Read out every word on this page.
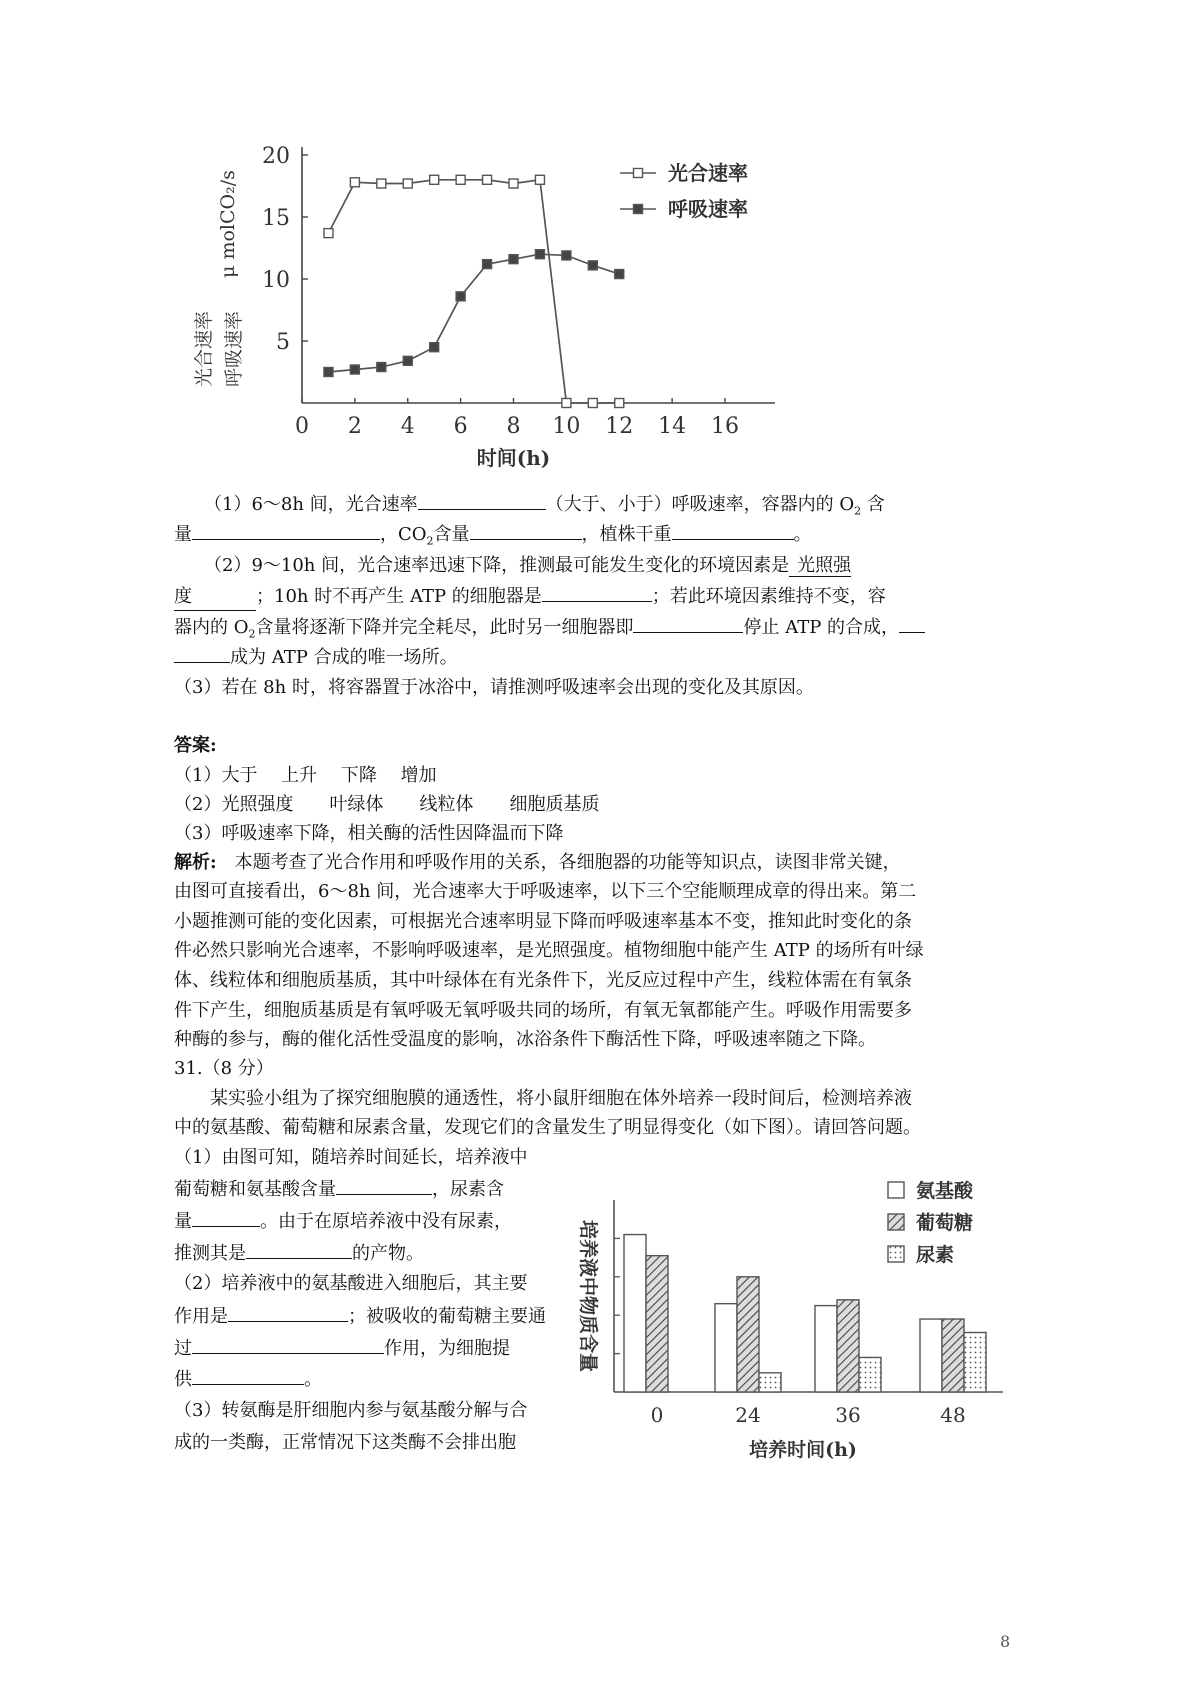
0 2 4 6 8 10 12 14 16
5
10
15
20
时间(h)
光合速率 呼吸速率
μ molCO₂/s	光合速率
呼吸速率
（1）6～8h 间，光合速率	（大于、小于）呼吸速率，容器内的 $O_2$ 含
量	，$CO_2$含量	，植株干重	。
（2）9～10h 间，光合速率迅速下降，推测最可能发生变化的环境因素是 光照强
度	；10h 时不再产生 ATP 的细胞器是	；若此环境因素维持不变，容
器内的 $O_2$含量将逐渐下降并完全耗尽，此时另一细胞器即	停止 ATP 的合成，
成为 ATP 合成的唯一场所。
（3）若在 8h 时，将容器置于冰浴中，请推测呼吸速率会出现的变化及其原因。
答案:
（1）大于　 上升　 下降　 增加
（2）光照强度　　叶绿体　　线粒体　　细胞质基质
（3）呼吸速率下降，相关酶的活性因降温而下降
解析:　本题考查了光合作用和呼吸作用的关系，各细胞器的功能等知识点，读图非常关键，
由图可直接看出，6～8h 间，光合速率大于呼吸速率，以下三个空能顺理成章的得出来。第二
小题推测可能的变化因素，可根据光合速率明显下降而呼吸速率基本不变，推知此时变化的条
件必然只影响光合速率，不影响呼吸速率，是光照强度。植物细胞中能产生 ATP 的场所有叶绿
体、线粒体和细胞质基质，其中叶绿体在有光条件下，光反应过程中产生，线粒体需在有氧条
件下产生，细胞质基质是有氧呼吸无氧呼吸共同的场所，有氧无氧都能产生。呼吸作用需要多
种酶的参与，酶的催化活性受温度的影响，冰浴条件下酶活性下降，呼吸速率随之下降。
31.（8 分）
　　某实验小组为了探究细胞膜的通透性，将小鼠肝细胞在体外培养一段时间后，检测培养液
中的氨基酸、葡萄糖和尿素含量，发现它们的含量发生了明显得变化（如下图）。请回答问题。
（1）由图可知，随培养时间延长，培养液中
葡萄糖和氨基酸含量	，尿素含
量	。由于在原培养液中没有尿素，
推测其是	的产物。
（2）培养液中的氨基酸进入细胞后，其主要
作用是	；被吸收的葡萄糖主要通
过	作用，为细胞提
供	。
（3）转氨酶是肝细胞内参与氨基酸分解与合
成的一类酶，正常情况下这类酶不会排出胞
培养液中物质含量
0	24	36	48
培养时间(h)
氨基酸
葡萄糖
尿素
8
